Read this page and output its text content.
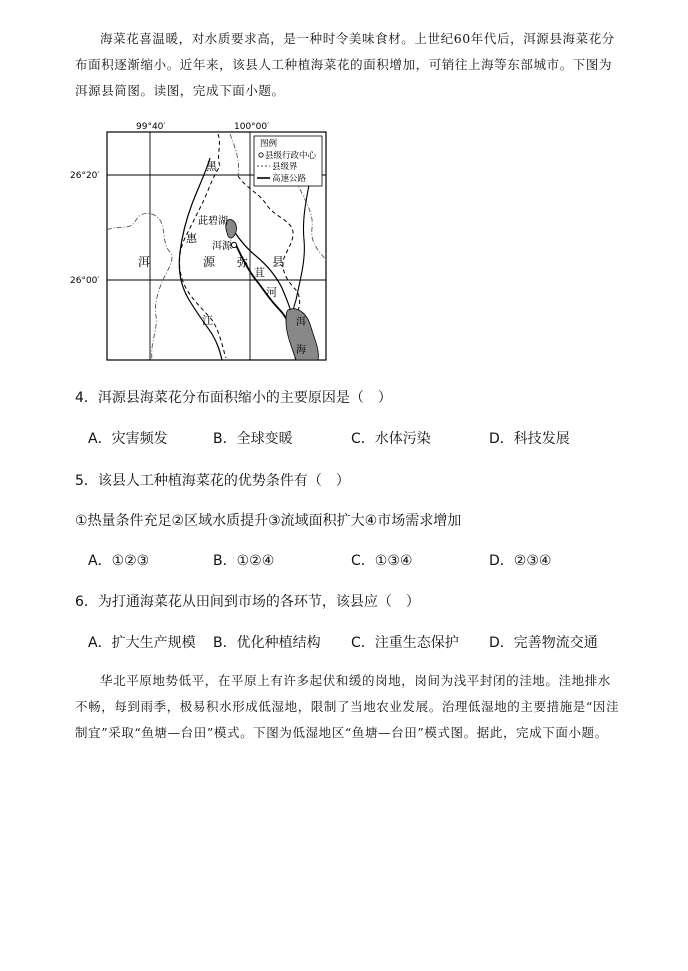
海菜花喜温暖，对水质要求高，是一种时令美味食材。上世纪60年代后，洱源县海菜花分布面积逐渐缩小。近年来，该县人工种植海菜花的面积增加，可销往上海等东部城市。下图为洱源县简图。读图，完成下面小题。
99°40′	100°00′
26°20′
26°00′
黑
茈碧湖
惠
洱源
洱	源 弥
苴
县
河
江	洱
海
图例
县级行政中心
县级界
高速公路
4．洱源县海菜花分布面积缩小的主要原因是（　）
A．灾害频发	B．全球变暖	C．水体污染	D．科技发展
5．该县人工种植海菜花的优势条件有（　）
①热量条件充足②区域水质提升③流域面积扩大④市场需求增加
A．①②③	B．①②④	C．①③④	D．②③④
6．为打通海菜花从田间到市场的各环节，该县应（　）
A．扩大生产规模 B．优化种植结构 C．注重生态保护 D．完善物流交通
华北平原地势低平，在平原上有许多起伏和缓的岗地，岗间为浅平封闭的洼地。洼地排水不畅，每到雨季，极易积水形成低湿地，限制了当地农业发展。治理低湿地的主要措施是“因洼制宜”采取“鱼塘—台田”模式。下图为低湿地区“鱼塘—台田”模式图。据此，完成下面小题。
